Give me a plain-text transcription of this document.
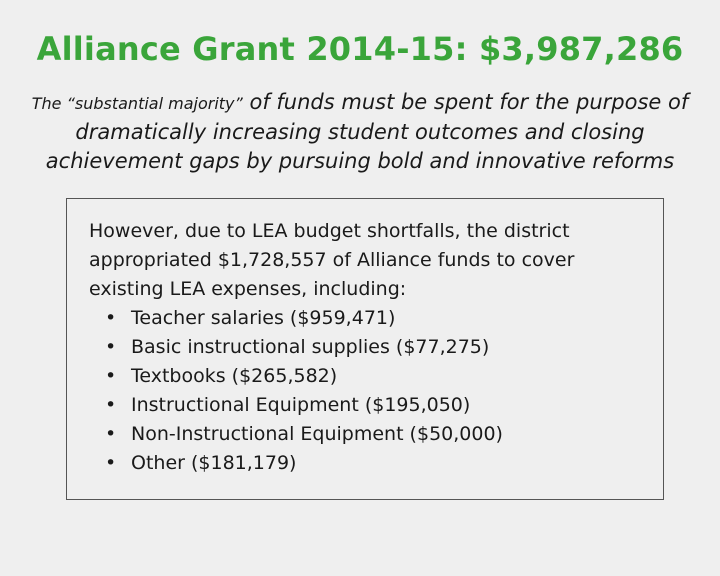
Alliance Grant 2014-15: $3,987,286
The “substantial majority” of funds must be spent for the purpose of dramatically increasing student outcomes and closing achievement gaps by pursuing bold and innovative reforms
However, due to LEA budget shortfalls, the district appropriated $1,728,557 of Alliance funds to cover existing LEA expenses, including:
• Teacher salaries ($959,471)
• Basic instructional supplies ($77,275)
• Textbooks ($265,582)
• Instructional Equipment ($195,050)
• Non-Instructional Equipment ($50,000)
• Other ($181,179)
